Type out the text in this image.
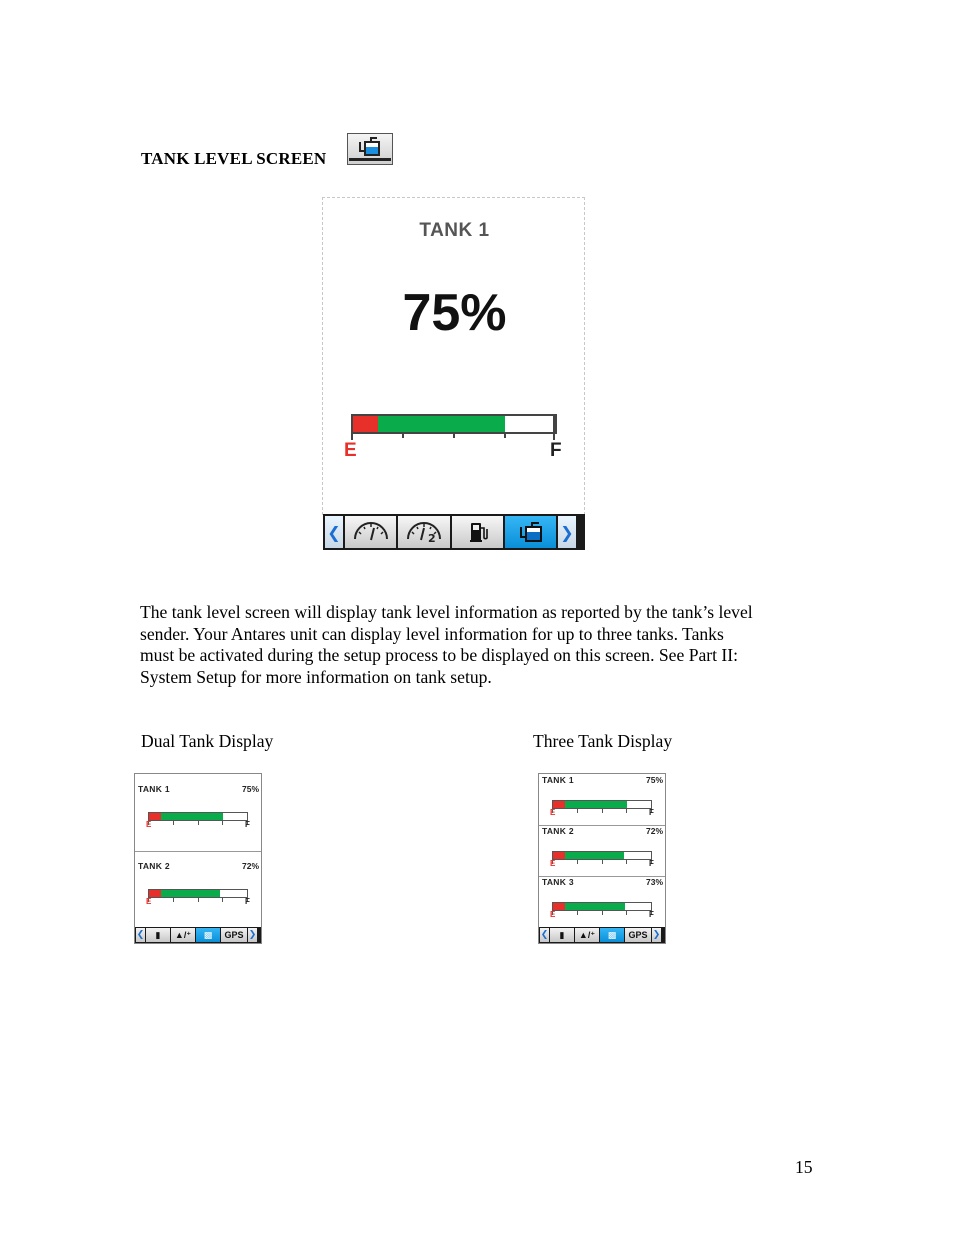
TANK LEVEL SCREEN
TANK 1
75%
E	F
❮	2	❯
The tank level screen will display tank level information as reported by the tank’s level
sender. Your Antares unit can display level information for up to three tanks. Tanks
must be activated during the setup process to be displayed on this screen. See Part II:
System Setup for more information on tank setup.
Dual Tank Display	Three Tank Display
TANK 1	75%
E	F
TANK 2	72%
E	F
❮	▮	▲/⁺	▩	GPS ❯
TANK 1	75%
E	F
TANK 2	72%
E	F
TANK 3	73%
E	F
❮	▮	▲/⁺	▩	GPS ❯
15
